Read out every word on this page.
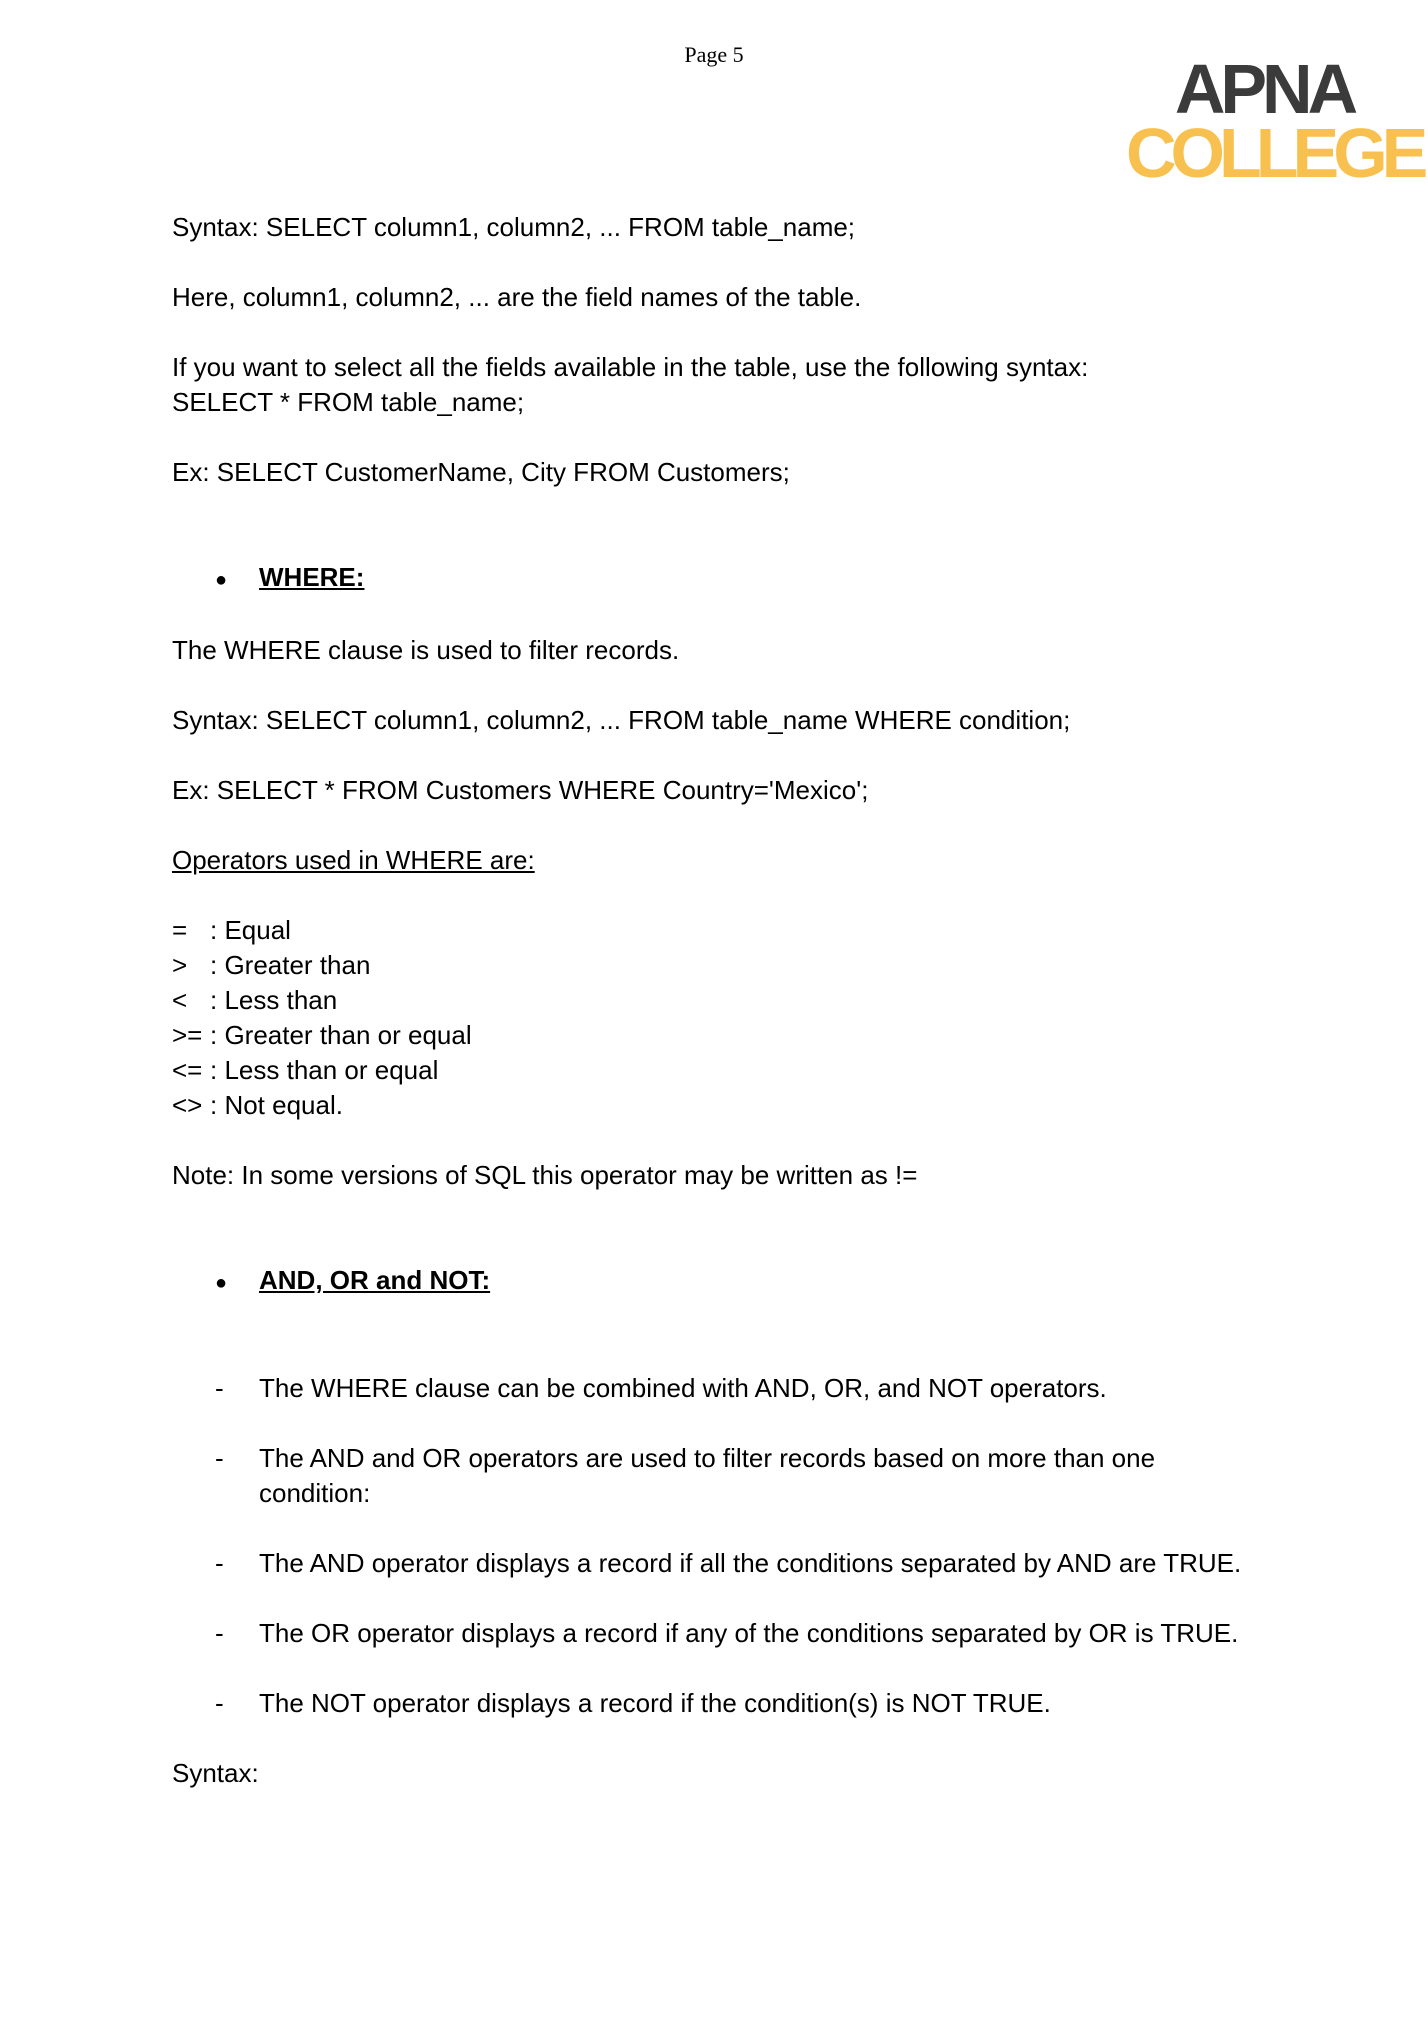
Page 5	APNA
COLLEGE

Syntax: SELECT column1, column2, ... FROM table_name;

Here, column1, column2, ... are the field names of the table.

If you want to select all the fields available in the table, use the following syntax:
SELECT * FROM table_name;

Ex: SELECT CustomerName, City FROM Customers;

●	WHERE:

The WHERE clause is used to filter records.

Syntax: SELECT column1, column2, ... FROM table_name WHERE condition;

Ex: SELECT * FROM Customers WHERE Country='Mexico';

Operators used in WHERE are:

= : Equal
> : Greater than
< : Less than
>= : Greater than or equal
<= : Less than or equal
<> : Not equal.

Note: In some versions of SQL this operator may be written as !=

●	AND, OR and NOT:
-	The WHERE clause can be combined with AND, OR, and NOT operators.
-	The AND and OR operators are used to filter records based on more than one condition:
-	The AND operator displays a record if all the conditions separated by AND are TRUE.
-	The OR operator displays a record if any of the conditions separated by OR is TRUE.
-	The NOT operator displays a record if the condition(s) is NOT TRUE.

Syntax:
